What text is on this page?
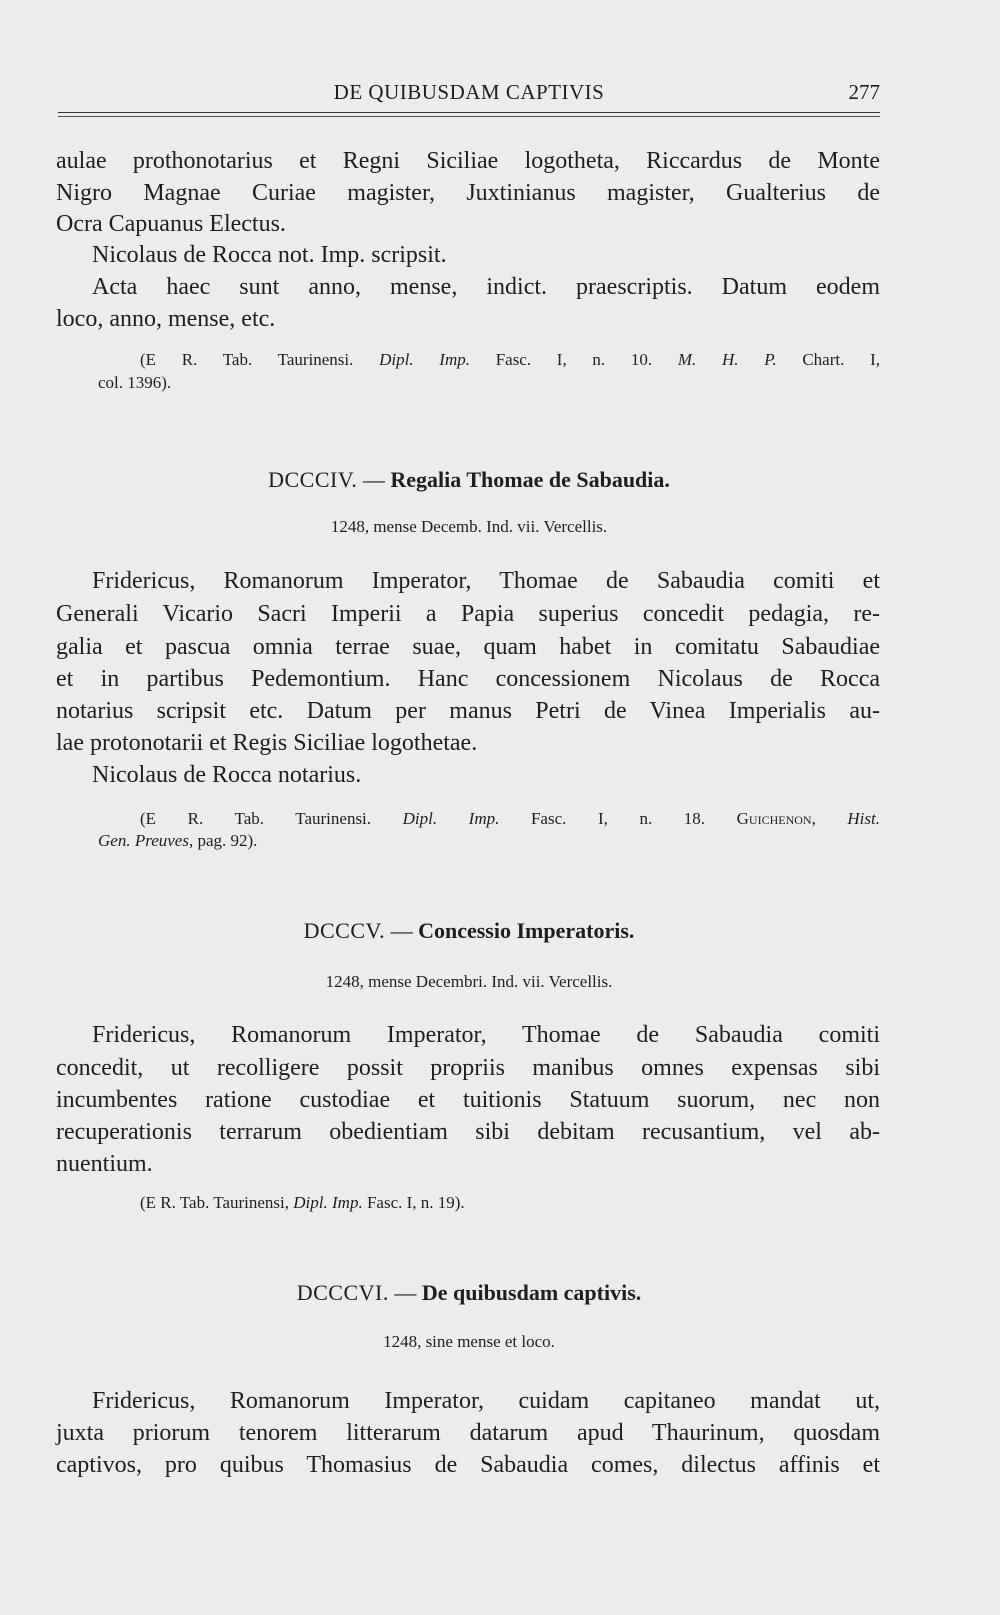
DE QUIBUSDAM CAPTIVIS	277
aulae prothonotarius et Regni Siciliae logotheta, Riccardus de Monte
Nigro Magnae Curiae magister, Juxtinianus magister, Gualterius de
Ocra Capuanus Electus.
Nicolaus de Rocca not. Imp. scripsit.
Acta haec sunt anno, mense, indict. praescriptis. Datum eodem
loco, anno, mense, etc.
(E R. Tab. Taurinensi. Dipl. Imp. Fasc. I, n. 10. M. H. P. Chart. I,
col. 1396).
DCCCIV. — Regalia Thomae de Sabaudia.
1248, mense Decemb. Ind. vii. Vercellis.
Fridericus, Romanorum Imperator, Thomae de Sabaudia comiti et
Generali Vicario Sacri Imperii a Papia superius concedit pedagia, re-
galia et pascua omnia terrae suae, quam habet in comitatu Sabaudiae
et in partibus Pedemontium. Hanc concessionem Nicolaus de Rocca
notarius scripsit etc. Datum per manus Petri de Vinea Imperialis au-
lae protonotarii et Regis Siciliae logothetae.
Nicolaus de Rocca notarius.
(E R. Tab. Taurinensi. Dipl. Imp. Fasc. I, n. 18. Guichenon, Hist.
Gen. Preuves, pag. 92).
DCCCV. — Concessio Imperatoris.
1248, mense Decembri. Ind. vii. Vercellis.
Fridericus, Romanorum Imperator, Thomae de Sabaudia comiti
concedit, ut recolligere possit propriis manibus omnes expensas sibi
incumbentes ratione custodiae et tuitionis Statuum suorum, nec non
recuperationis terrarum obedientiam sibi debitam recusantium, vel ab-
nuentium.
(E R. Tab. Taurinensi, Dipl. Imp. Fasc. I, n. 19).
DCCCVI. — De quibusdam captivis.
1248, sine mense et loco.
Fridericus, Romanorum Imperator, cuidam capitaneo mandat ut,
juxta priorum tenorem litterarum datarum apud Thaurinum, quosdam
captivos, pro quibus Thomasius de Sabaudia comes, dilectus affinis et
